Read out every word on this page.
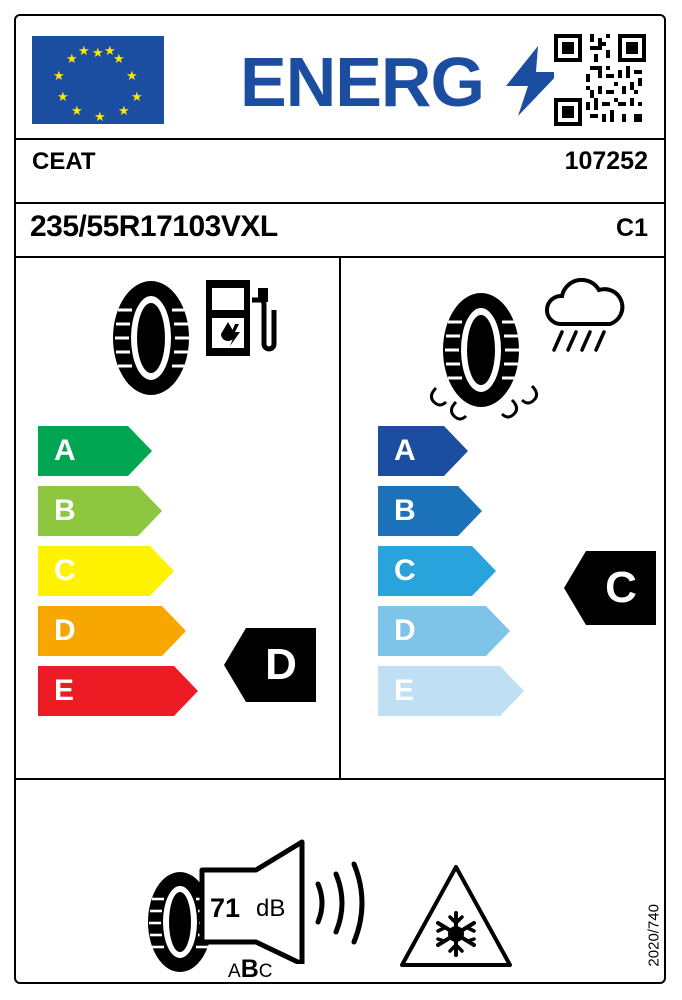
★ ★
★
★
★
★
★
★
★
★
★ ★ ENERG
CEAT	107252
235/55R17103VXL	C1
A
B
C
D
E
D
A
B
C
D
E
C
71 dB
ABC
2020/740
